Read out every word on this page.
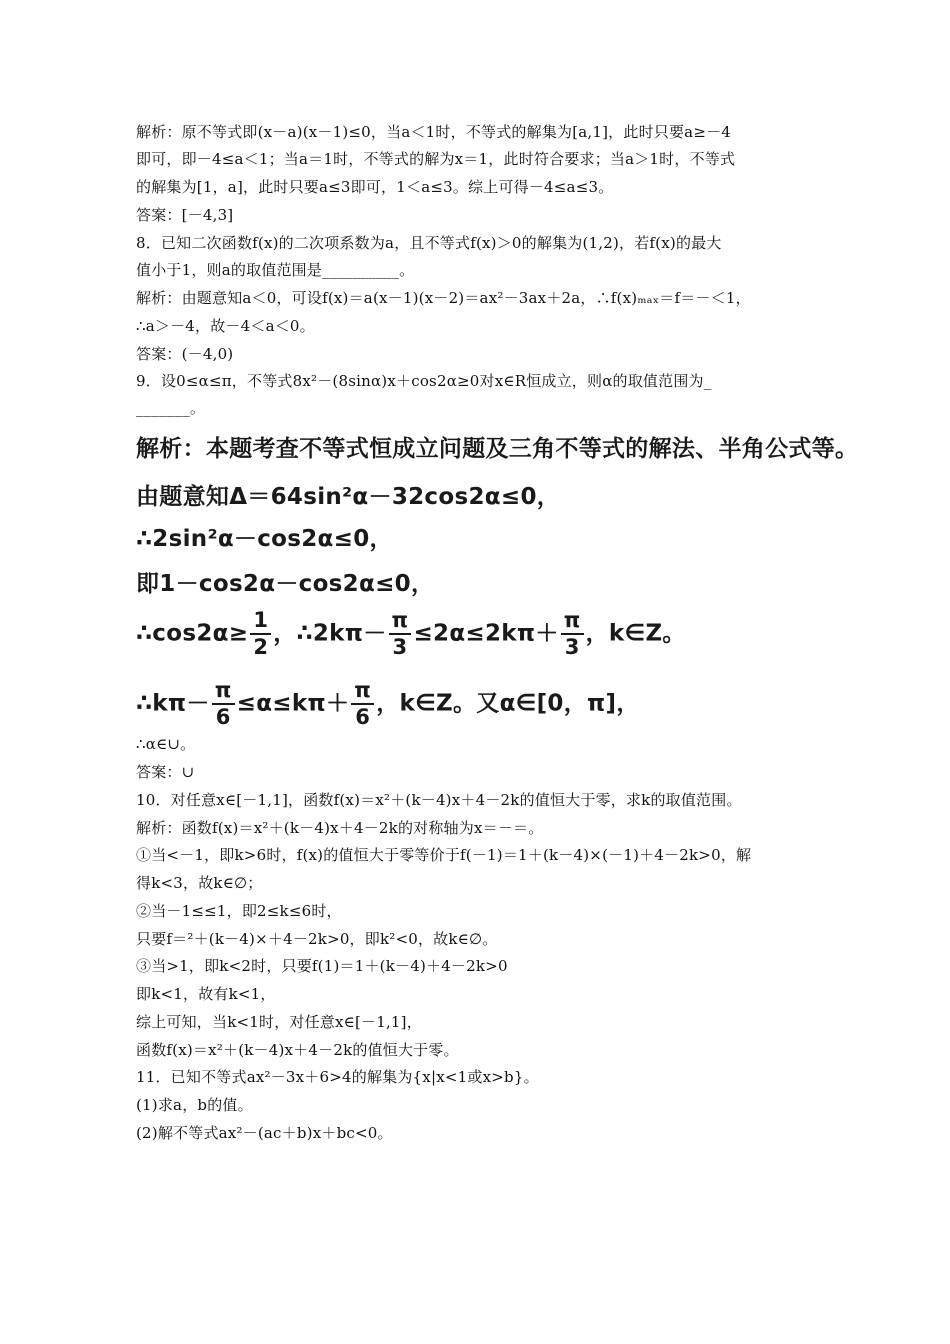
解析：原不等式即(x－a)(x－1)≤0，当a＜1时，不等式的解集为[a,1]，此时只要a≥－4
即可，即－4≤a＜1；当a＝1时，不等式的解为x＝1，此时符合要求；当a＞1时，不等式
的解集为[1，a]，此时只要a≤3即可，1＜a≤3。综上可得－4≤a≤3。
答案：[－4,3]
8．已知二次函数f(x)的二次项系数为a，且不等式f(x)＞0的解集为(1,2)，若f(x)的最大
值小于1，则a的取值范围是__________。
解析：由题意知a＜0，可设f(x)＝a(x－1)(x－2)＝ax²－3ax＋2a，∴f(x)ₘₐₓ＝f＝－＜1，
∴a＞－4，故－4＜a＜0。
答案：(－4,0)
9．设0≤α≤π，不等式8x²－(8sinα)x＋cos2α≥0对x∈R恒成立，则α的取值范围为_
_______。
解析：本题考查不等式恒成立问题及三角不等式的解法、半角公式等。
由题意知Δ＝64sin²α－32cos2α≤0，
∴2sin²α－cos2α≤0，
即1－cos2α－cos2α≤0，
∴cos2α≥ $\frac{1}{2}$ ，∴2kπ－ $\frac{\pi}{3} \le 2\alpha\le 2k\pi+ \frac{\pi}{3}$ ，k∈Z。
∴kπ－ $\frac{\pi}{6} \le\alpha\le k\pi+ \frac{\pi}{6}$ ，k∈Z。又α∈[0，π]，
∴α∈∪。
答案：∪
10．对任意x∈[－1,1]，函数f(x)＝x²＋(k－4)x＋4－2k的值恒大于零，求k的取值范围。
解析：函数f(x)＝x²＋(k－4)x＋4－2k的对称轴为x＝－＝。
①当<－1，即k>6时，f(x)的值恒大于零等价于f(－1)＝1＋(k－4)×(－1)＋4－2k>0，解
得k<3，故k∈∅；
②当－1≤≤1，即2≤k≤6时，
只要f＝²＋(k－4)×＋4－2k>0，即k²<0，故k∈∅。
③当>1，即k<2时，只要f(1)＝1＋(k－4)＋4－2k>0
即k<1，故有k<1，
综上可知，当k<1时，对任意x∈[－1,1]，
函数f(x)＝x²＋(k－4)x＋4－2k的值恒大于零。
11．已知不等式ax²－3x＋6>4的解集为{x|x<1或x>b}。
(1)求a，b的值。
(2)解不等式ax²－(ac＋b)x＋bc<0。
